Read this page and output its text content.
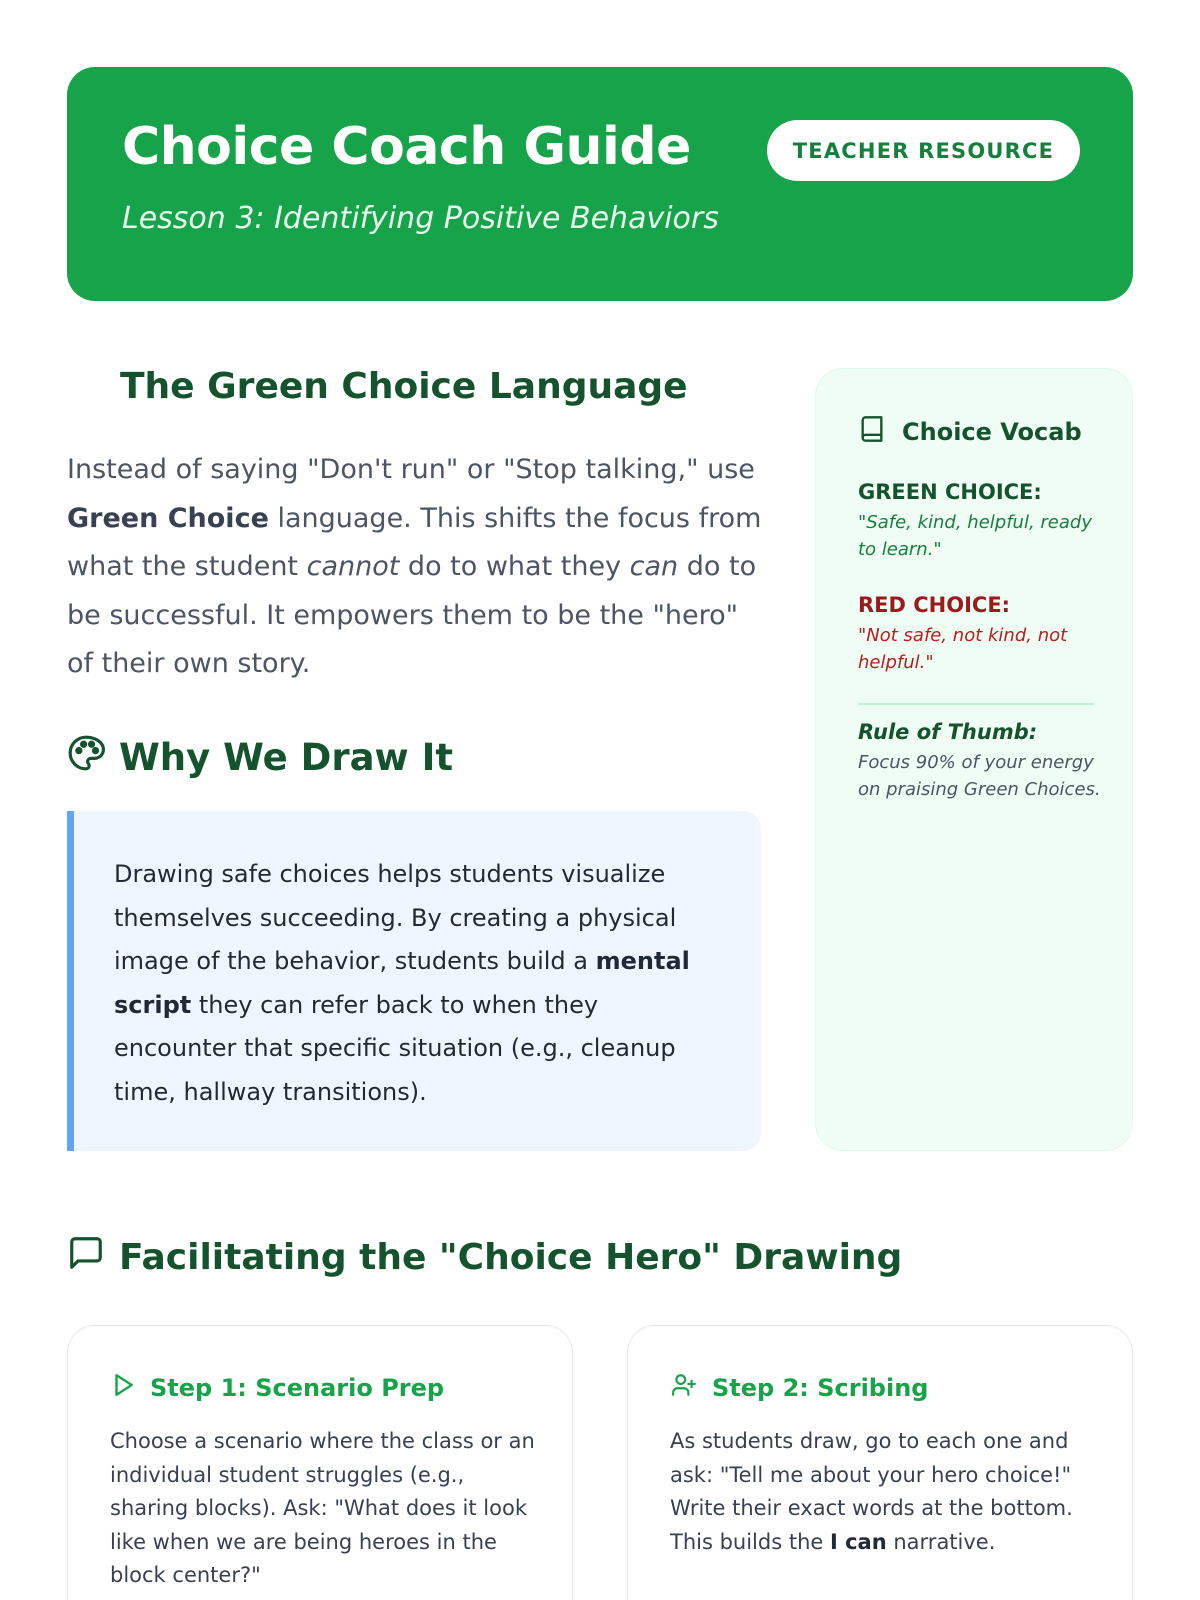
Choice Coach Guide
Lesson 3: Identifying Positive Behaviors
TEACHER RESOURCE
The Green Choice Language

Instead of saying "Don't run" or "Stop talking," use Green Choice language. This shifts the focus from what the student cannot do to what they can do to be successful. It empowers them to be the "hero" of their own story.

Why We Draw It

Drawing safe choices helps students visualize themselves succeeding. By creating a physical image of the behavior, students build a mental script they can refer back to when they encounter that specific situation (e.g., cleanup time, hallway transitions).

Choice Vocab
GREEN CHOICE:
"Safe, kind, helpful, ready to learn."
RED CHOICE:
"Not safe, not kind, not helpful."
Rule of Thumb:
Focus 90% of your energy on praising Green Choices.
Facilitating the "Choice Hero" Drawing
Step 1: Scenario Prep

Choose a scenario where the class or an individual student struggles (e.g., sharing blocks). Ask: "What does it look like when we are being heroes in the block center?"

Step 2: Scribing

As students draw, go to each one and ask: "Tell me about your hero choice!" Write their exact words at the bottom. This builds the I can narrative.
